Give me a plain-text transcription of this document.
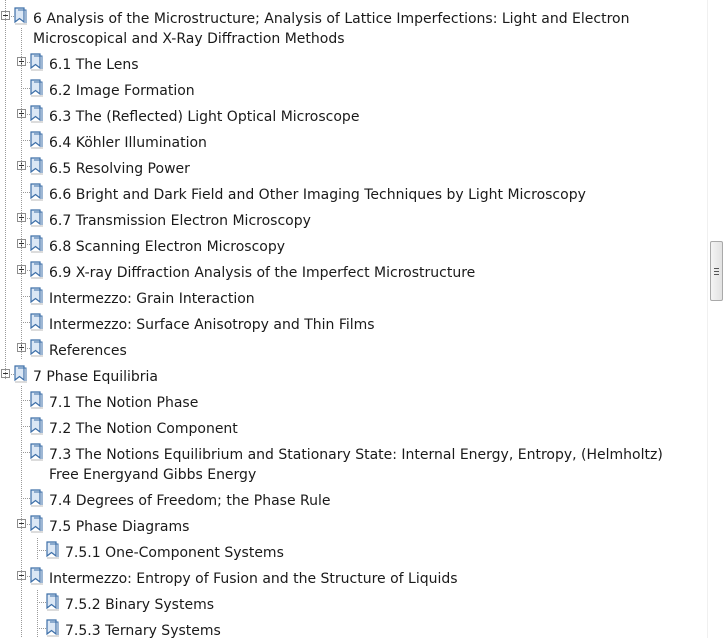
6 Analysis of the Microstructure; Analysis of Lattice Imperfections: Light and Electron Microscopical and X-Ray Diffraction Methods
6.1 The Lens
6.2 Image Formation
6.3 The (Reflected) Light Optical Microscope
6.4 Köhler Illumination
6.5 Resolving Power
6.6 Bright and Dark Field and Other Imaging Techniques by Light Microscopy
6.7 Transmission Electron Microscopy
6.8 Scanning Electron Microscopy
6.9 X-ray Diffraction Analysis of the Imperfect Microstructure
Intermezzo: Grain Interaction
Intermezzo: Surface Anisotropy and Thin Films
References
7 Phase Equilibria
7.1 The Notion Phase
7.2 The Notion Component
7.3 The Notions Equilibrium and Stationary State: Internal Energy, Entropy, (Helmholtz) Free Energyand Gibbs Energy
7.4 Degrees of Freedom; the Phase Rule
7.5 Phase Diagrams
7.5.1 One-Component Systems
Intermezzo: Entropy of Fusion and the Structure of Liquids
7.5.2 Binary Systems
7.5.3 Ternary Systems
